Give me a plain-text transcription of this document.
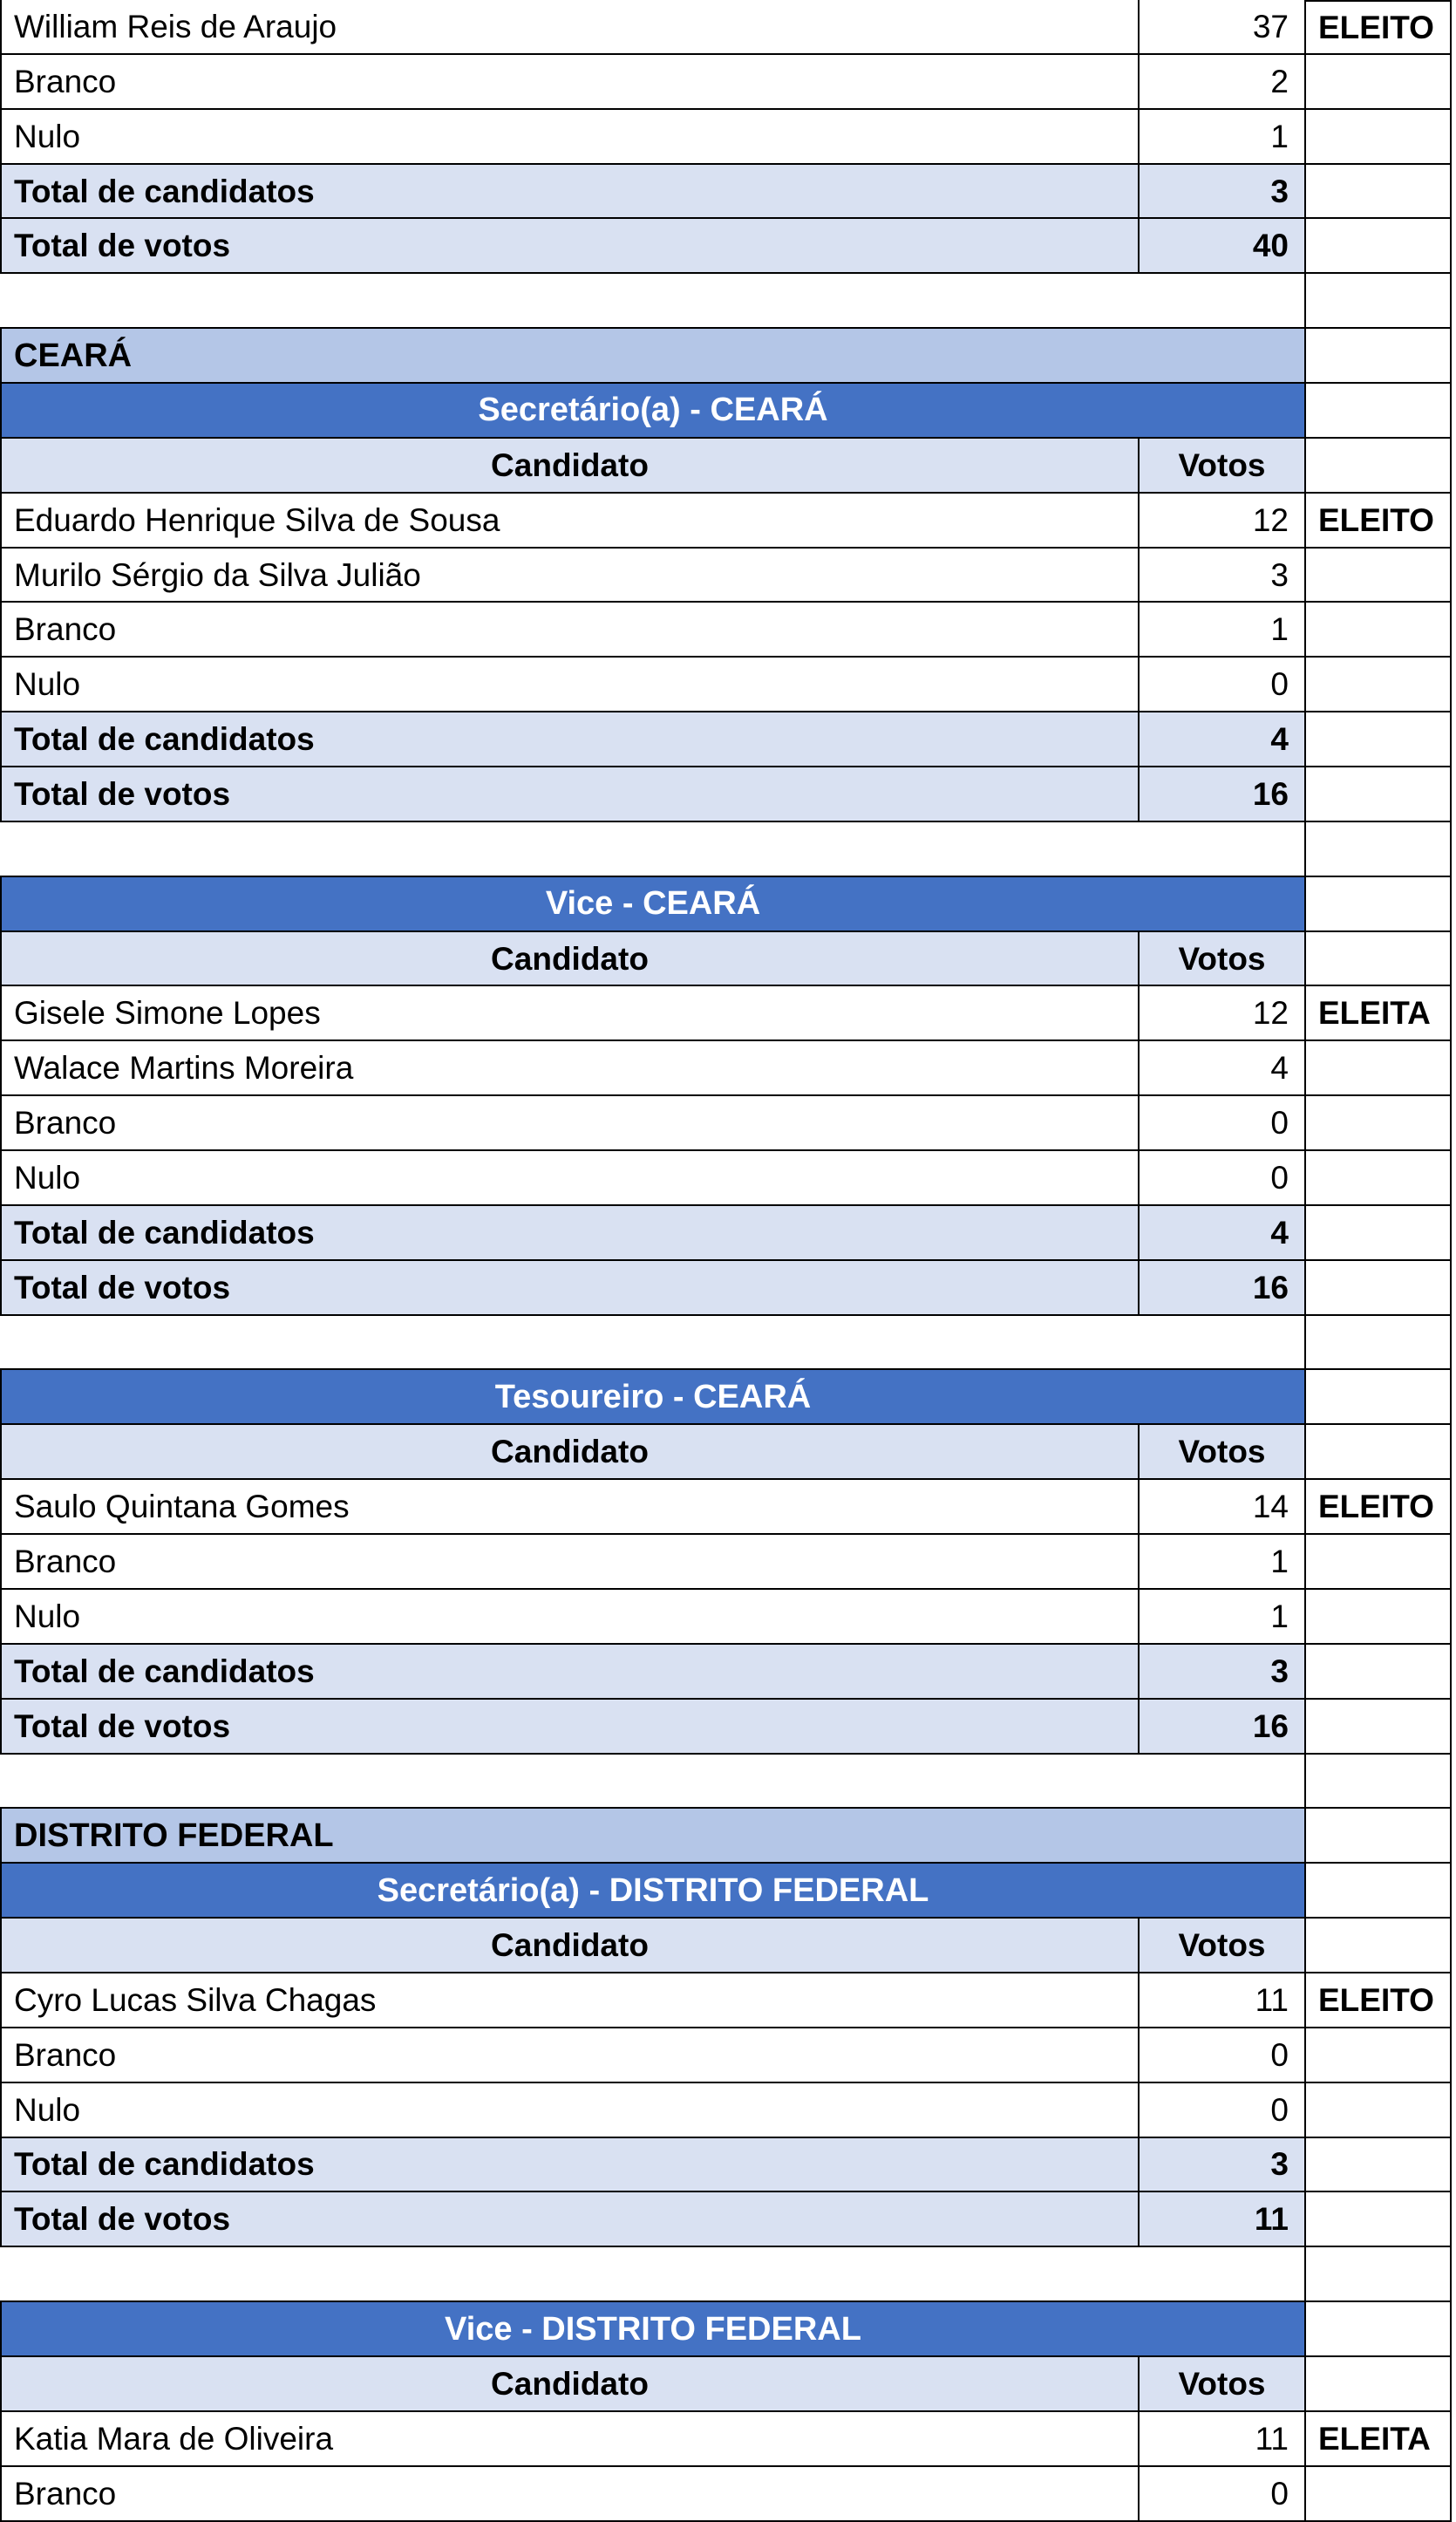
William Reis de Araujo	37 ELEITO
Branco	2
Nulo	1
Total de candidatos	3
Total de votos	40
CEARÁ
Secretário(a) - CEARÁ
Candidato	Votos
Eduardo Henrique Silva de Sousa	12 ELEITO
Murilo Sérgio da Silva Julião	3
Branco	1
Nulo	0
Total de candidatos	4
Total de votos	16
Vice - CEARÁ
Candidato	Votos
Gisele Simone Lopes	12 ELEITA
Walace Martins Moreira	4
Branco	0
Nulo	0
Total de candidatos	4
Total de votos	16
Tesoureiro - CEARÁ
Candidato	Votos
Saulo Quintana Gomes	14 ELEITO
Branco	1
Nulo	1
Total de candidatos	3
Total de votos	16
DISTRITO FEDERAL
Secretário(a) - DISTRITO FEDERAL
Candidato	Votos
Cyro Lucas Silva Chagas	11 ELEITO
Branco	0
Nulo	0
Total de candidatos	3
Total de votos	11
Vice - DISTRITO FEDERAL
Candidato	Votos
Katia Mara de Oliveira	11 ELEITA
Branco	0
